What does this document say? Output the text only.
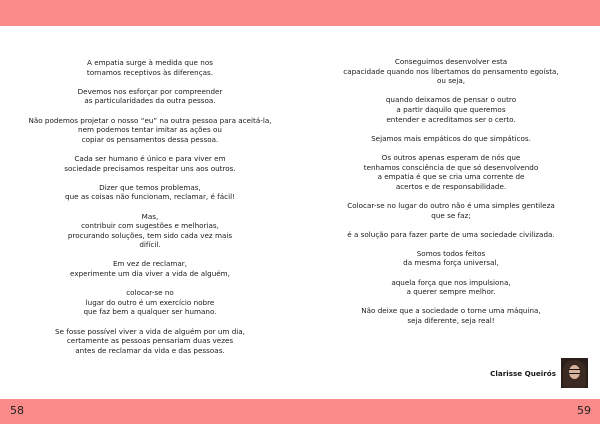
A empatia surge à medida que nos
tornamos receptivos às diferenças.

Devemos nos esforçar por compreender
as particularidades da outra pessoa.

Não podemos projetar o nosso “eu” na outra pessoa para aceitá-la,
nem podemos tentar imitar as ações ou
copiar os pensamentos dessa pessoa.

Cada ser humano é único e para viver em
sociedade precisamos respeitar uns aos outros.

Dizer que temos problemas,
que as coisas não funcionam, reclamar, é fácil!

Mas,
contribuir com sugestões e melhorias,
procurando soluções, tem sido cada vez mais
difícil.

Em vez de reclamar,
experimente um dia viver a vida de alguém,

colocar-se no
lugar do outro é um exercício nobre
que faz bem a qualquer ser humano.

Se fosse possível viver a vida de alguém por um dia,
certamente as pessoas pensariam duas vezes
antes de reclamar da vida e das pessoas.

Conseguimos desenvolver esta
capacidade quando nos libertamos do pensamento egoísta,
ou seja,

quando deixamos de pensar o outro
a partir daquilo que queremos
entender e acreditamos ser o certo.

Sejamos mais empáticos do que simpáticos.

Os outros apenas esperam de nós que
tenhamos consciência de que só desenvolvendo
a empatia é que se cria uma corrente de
acertos e de responsabilidade.

Colocar-se no lugar do outro não é uma simples gentileza
que se faz;

é a solução para fazer parte de uma sociedade civilizada.

Somos todos feitos
da mesma força universal,

aquela força que nos impulsiona,
a querer sempre melhor.

Não deixe que a sociedade o torne uma máquina,
seja diferente, seja real!

Clarisse Queirós
58	59
